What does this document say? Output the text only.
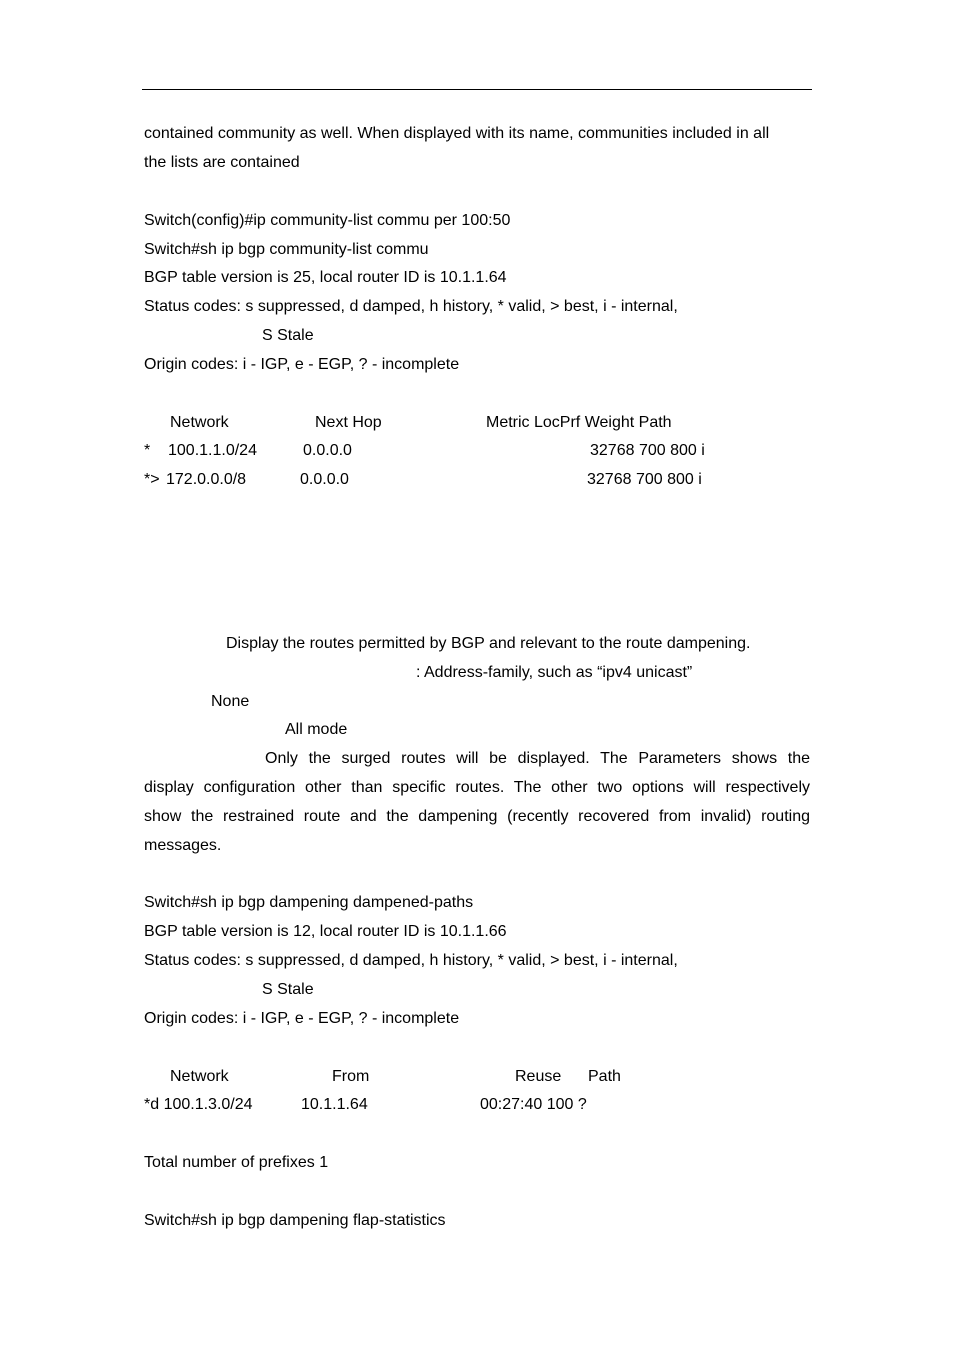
contained community as well. When displayed with its name, communities included in all
the lists are contained
Switch(config)#ip community-list commu per 100:50
Switch#sh ip bgp community-list commu
BGP table version is 25, local router ID is 10.1.1.64
Status codes: s suppressed, d damped, h history, * valid, > best, i - internal,
S Stale
Origin codes: i - IGP, e - EGP, ? - incomplete
Network	Next Hop	Metric LocPrf Weight Path
* 100.1.1.0/24	0.0.0.0	32768 700 800 i
*> 172.0.0.0/8	0.0.0.0	32768 700 800 i
Display the routes permitted by BGP and relevant to the route dampening.
: Address-family, such as “ipv4 unicast”
None
All mode

Only the surged routes will be displayed. The Parameters shows the

display configuration other than specific routes. The other two options will respectively

show the restrained route and the dampening (recently recovered from invalid) routing

messages.

Switch#sh ip bgp dampening dampened-paths
BGP table version is 12, local router ID is 10.1.1.66
Status codes: s suppressed, d damped, h history, * valid, > best, i - internal,
S Stale
Origin codes: i - IGP, e - EGP, ? - incomplete
Network	From	Reuse Path
*d 100.1.3.0/24	10.1.1.64	00:27:40 100 ?
Total number of prefixes 1
Switch#sh ip bgp dampening flap-statistics
